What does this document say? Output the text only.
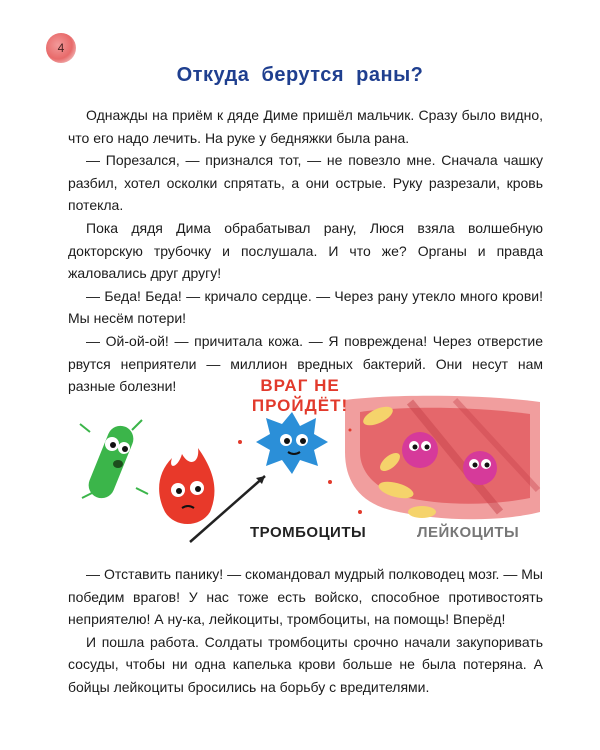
4
Откуда берутся раны?

Однажды на приём к дяде Диме пришёл мальчик. Сразу было видно, что его надо лечить. На руке у бедняжки была рана.

— Порезался, — признался тот, — не повезло мне. Сначала чашку разбил, хотел осколки спрятать, а они острые. Руку разрезали, кровь потекла.

Пока дядя Дима обрабатывал рану, Люся взяла волшебную докторскую трубочку и послушала. И что же? Органы и правда жаловались друг другу!

— Беда! Беда! — кричало сердце. — Через рану утекло много крови! Мы несём потери!

— Ой-ой-ой! — причитала кожа. — Я повреждена! Через отверстие рвутся неприятели — миллион вредных бактерий. Они несут нам разные болезни!	ВРАГ НЕ ПРОЙДЁТ!
ТРОМБОЦИТЫ	ЛЕЙКОЦИТЫ

— Отставить панику! — скомандовал мудрый полководец мозг. — Мы победим врагов! У нас тоже есть войско, способное противостоять неприятелю! А ну-ка, лейкоциты, тромбоциты, на помощь! Вперёд!

И пошла работа. Солдаты тромбоциты срочно начали закупоривать сосуды, чтобы ни одна капелька крови больше не была потеряна. А бойцы лейкоциты бросились на борьбу с вредителями.
